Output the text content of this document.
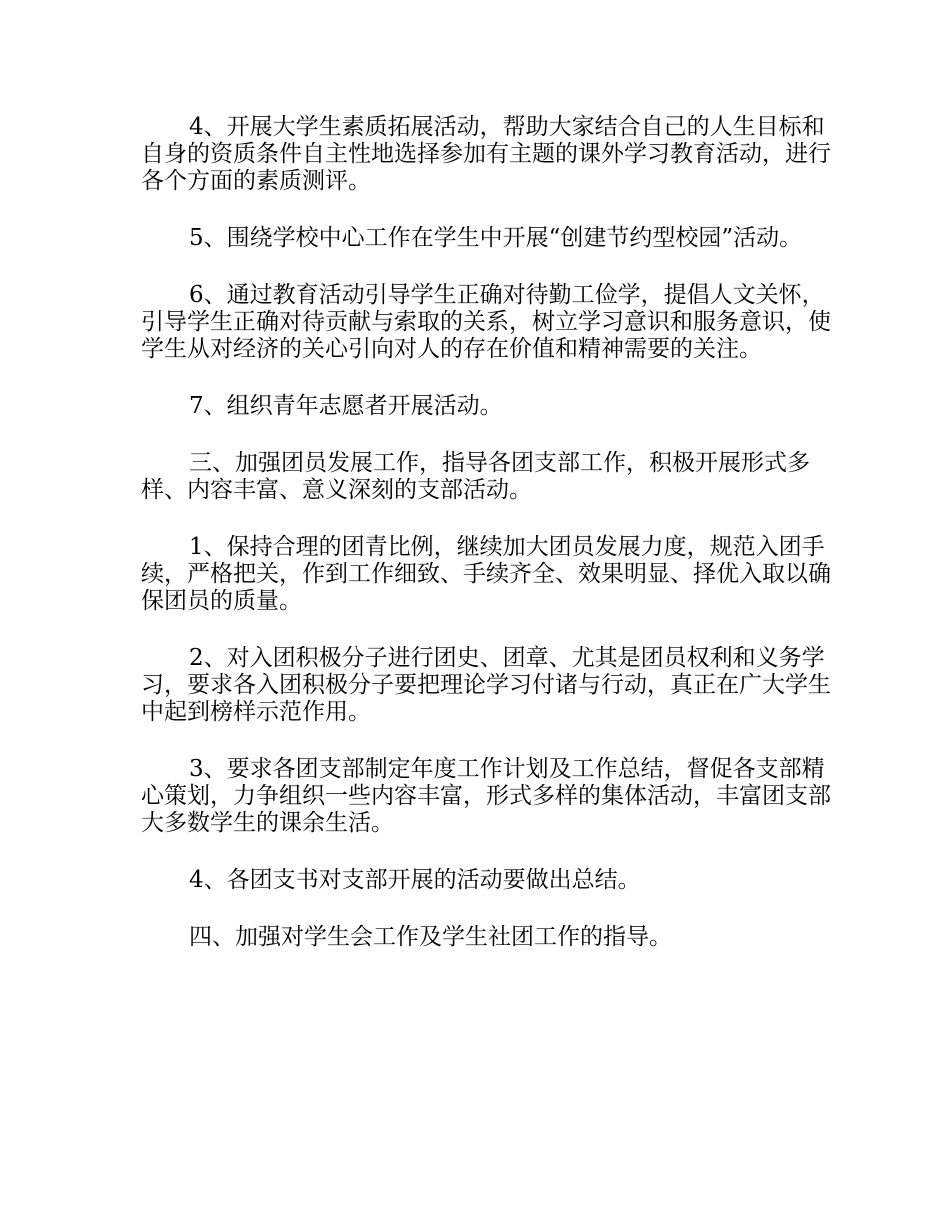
4、开展大学生素质拓展活动，帮助大家结合自己的人生目标和自身的资质条件自主性地选择参加有主题的课外学习教育活动，进行各个方面的素质测评。

5、围绕学校中心工作在学生中开展“创建节约型校园”活动。

6、通过教育活动引导学生正确对待勤工俭学，提倡人文关怀，引导学生正确对待贡献与索取的关系，树立学习意识和服务意识，使学生从对经济的关心引向对人的存在价值和精神需要的关注。

7、组织青年志愿者开展活动。

三、加强团员发展工作，指导各团支部工作，积极开展形式多样、内容丰富、意义深刻的支部活动。

1、保持合理的团青比例，继续加大团员发展力度，规范入团手续，严格把关，作到工作细致、手续齐全、效果明显、择优入取以确保团员的质量。

2、对入团积极分子进行团史、团章、尤其是团员权利和义务学习，要求各入团积极分子要把理论学习付诸与行动，真正在广大学生中起到榜样示范作用。

3、要求各团支部制定年度工作计划及工作总结，督促各支部精心策划，力争组织一些内容丰富，形式多样的集体活动，丰富团支部大多数学生的课余生活。

4、各团支书对支部开展的活动要做出总结。

四、加强对学生会工作及学生社团工作的指导。
